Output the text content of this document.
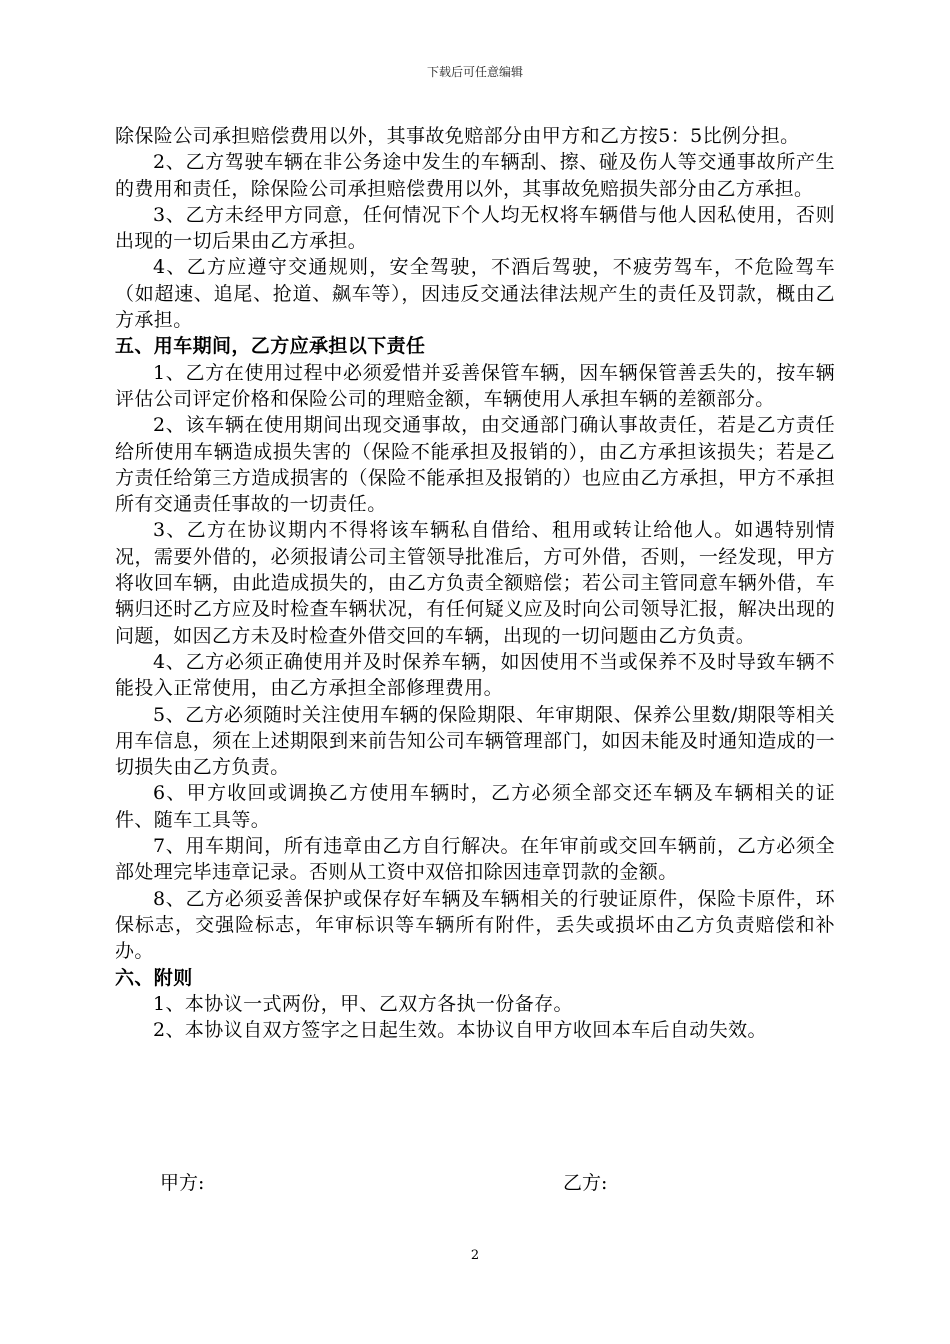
下载后可任意编辑

除保险公司承担赔偿费用以外，其事故免赔部分由甲方和乙方按5：5比例分担。

2、乙方驾驶车辆在非公务途中发生的车辆刮、擦、碰及伤人等交通事故所产生的费用和责任，除保险公司承担赔偿费用以外，其事故免赔损失部分由乙方承担。

3、乙方未经甲方同意，任何情况下个人均无权将车辆借与他人因私使用，否则出现的一切后果由乙方承担。

4、乙方应遵守交通规则，安全驾驶，不酒后驾驶，不疲劳驾车，不危险驾车（如超速、追尾、抢道、飙车等），因违反交通法律法规产生的责任及罚款，概由乙方承担。

五、用车期间，乙方应承担以下责任

1、乙方在使用过程中必须爱惜并妥善保管车辆，因车辆保管善丢失的，按车辆评估公司评定价格和保险公司的理赔金额，车辆使用人承担车辆的差额部分。

2、该车辆在使用期间出现交通事故，由交通部门确认事故责任，若是乙方责任给所使用车辆造成损失害的（保险不能承担及报销的），由乙方承担该损失；若是乙方责任给第三方造成损害的（保险不能承担及报销的）也应由乙方承担，甲方不承担所有交通责任事故的一切责任。

3、乙方在协议期内不得将该车辆私自借给、租用或转让给他人。如遇特别情况，需要外借的，必须报请公司主管领导批准后，方可外借，否则，一经发现，甲方将收回车辆，由此造成损失的，由乙方负责全额赔偿；若公司主管同意车辆外借，车辆归还时乙方应及时检查车辆状况，有任何疑义应及时向公司领导汇报，解决出现的问题，如因乙方未及时检查外借交回的车辆，出现的一切问题由乙方负责。

4、乙方必须正确使用并及时保养车辆，如因使用不当或保养不及时导致车辆不能投入正常使用，由乙方承担全部修理费用。

5、乙方必须随时关注使用车辆的保险期限、年审期限、保养公里数/期限等相关用车信息，须在上述期限到来前告知公司车辆管理部门，如因未能及时通知造成的一切损失由乙方负责。

6、甲方收回或调换乙方使用车辆时，乙方必须全部交还车辆及车辆相关的证件、随车工具等。

7、用车期间，所有违章由乙方自行解决。在年审前或交回车辆前，乙方必须全部处理完毕违章记录。否则从工资中双倍扣除因违章罚款的金额。

8、乙方必须妥善保护或保存好车辆及车辆相关的行驶证原件，保险卡原件，环保标志，交强险标志，年审标识等车辆所有附件，丢失或损坏由乙方负责赔偿和补办。

六、附则

1、本协议一式两份，甲、乙双方各执一份备存。

2、本协议自双方签字之日起生效。本协议自甲方收回本车后自动失效。

甲方:	乙方:
2
